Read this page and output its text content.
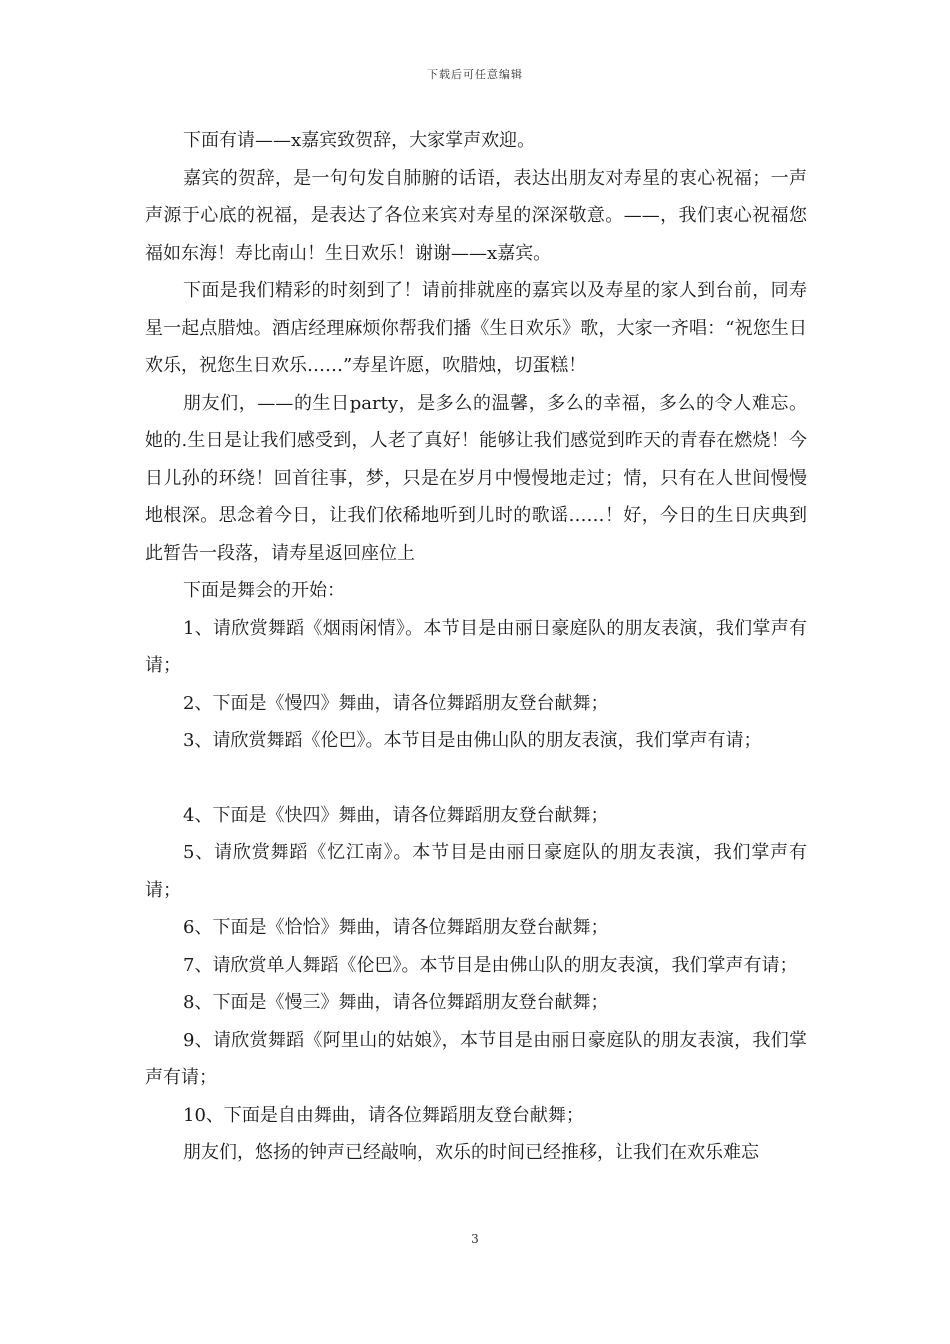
下载后可任意编辑

下面有请——x嘉宾致贺辞，大家掌声欢迎。

嘉宾的贺辞，是一句句发自肺腑的话语，表达出朋友对寿星的衷心祝福；一声声源于心底的祝福，是表达了各位来宾对寿星的深深敬意。——，我们衷心祝福您福如东海！寿比南山！生日欢乐！谢谢——x嘉宾。

下面是我们精彩的时刻到了！请前排就座的嘉宾以及寿星的家人到台前，同寿星一起点腊烛。酒店经理麻烦你帮我们播《生日欢乐》歌，大家一齐唱：“祝您生日欢乐，祝您生日欢乐……”寿星许愿，吹腊烛，切蛋糕！

朋友们，——的生日party，是多么的温馨，多么的幸福，多么的令人难忘。她的.生日是让我们感受到，人老了真好！能够让我们感觉到昨天的青春在燃烧！今日儿孙的环绕！回首往事，梦，只是在岁月中慢慢地走过；情，只有在人世间慢慢地根深。思念着今日，让我们依稀地听到儿时的歌谣……！好，今日的生日庆典到此暂告一段落，请寿星返回座位上

下面是舞会的开始：

1、请欣赏舞蹈《烟雨闲情》。本节目是由丽日豪庭队的朋友表演，我们掌声有请；

2、下面是《慢四》舞曲，请各位舞蹈朋友登台献舞；

3、请欣赏舞蹈《伦巴》。本节目是由佛山队的朋友表演，我们掌声有请；

4、下面是《快四》舞曲，请各位舞蹈朋友登台献舞；

5、请欣赏舞蹈《忆江南》。本节目是由丽日豪庭队的朋友表演，我们掌声有请；

6、下面是《恰恰》舞曲，请各位舞蹈朋友登台献舞；

7、请欣赏单人舞蹈《伦巴》。本节目是由佛山队的朋友表演，我们掌声有请；

8、下面是《慢三》舞曲，请各位舞蹈朋友登台献舞；

9、请欣赏舞蹈《阿里山的姑娘》，本节目是由丽日豪庭队的朋友表演，我们掌声有请；

10、下面是自由舞曲，请各位舞蹈朋友登台献舞；

朋友们，悠扬的钟声已经敲响，欢乐的时间已经推移，让我们在欢乐难忘

3
